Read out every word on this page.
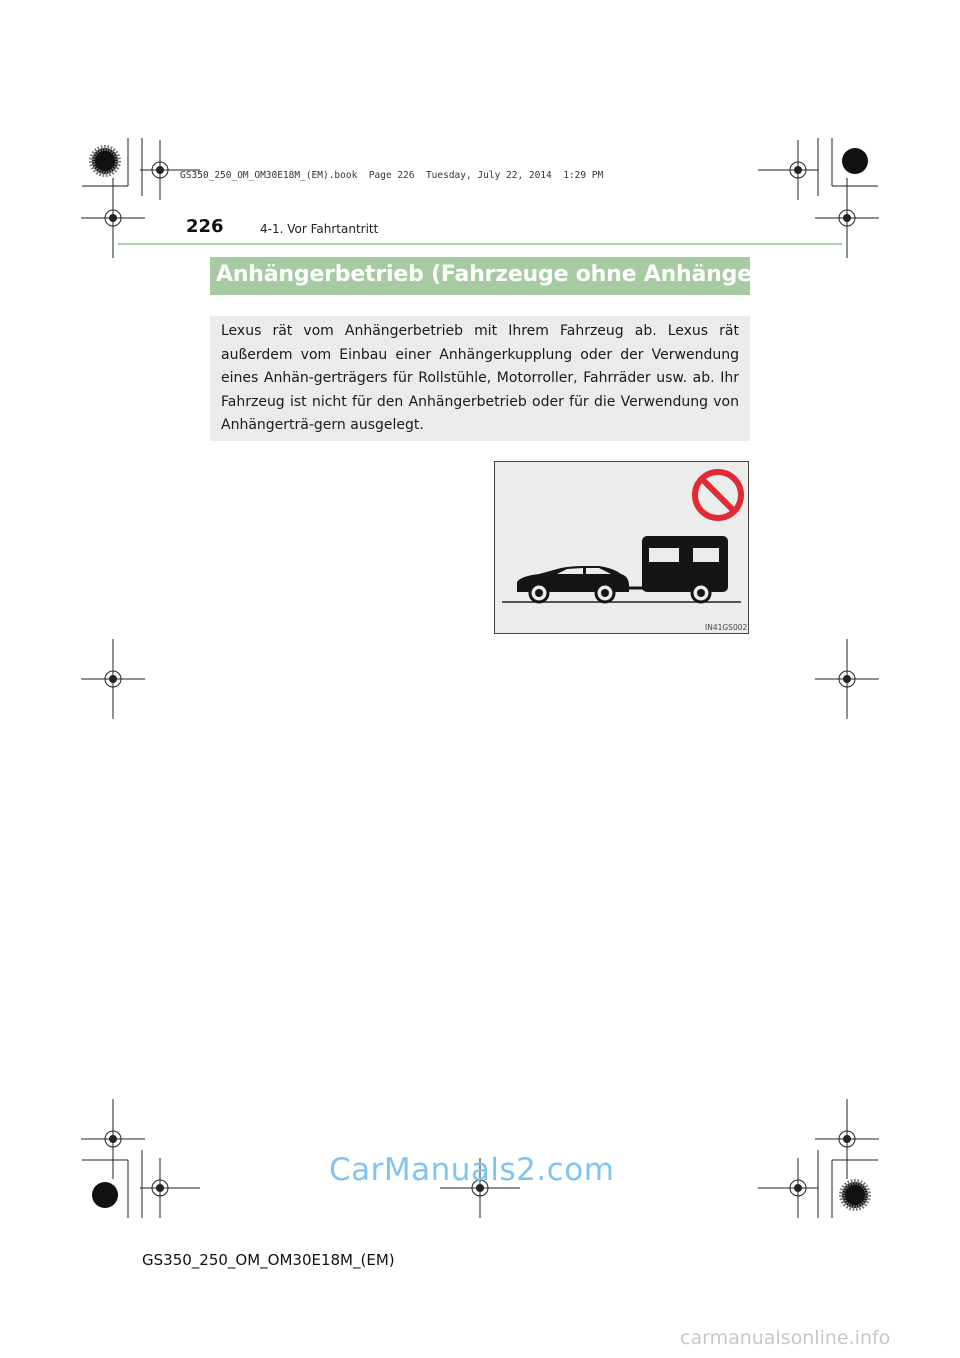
GS350_250_OM_OM30E18M_(EM).book  Page 226  Tuesday, July 22, 2014  1:29 PM
226	4-1. Vor Fahrtantritt
Anhängerbetrieb (Fahrzeuge ohne Anhängerpaket)
Lexus rät vom Anhängerbetrieb mit Ihrem Fahrzeug ab. Lexus rät außerdem vom Einbau einer Anhängerkupplung oder der Verwendung eines Anhän-gerträgers für Rollstühle, Motorroller, Fahrräder usw. ab. Ihr Fahrzeug ist nicht für den Anhängerbetrieb oder für die Verwendung von Anhängerträ-gern ausgelegt.
IN41GS002
CarManuals2.com
GS350_250_OM_OM30E18M_(EM)
carmanualsonline.info
